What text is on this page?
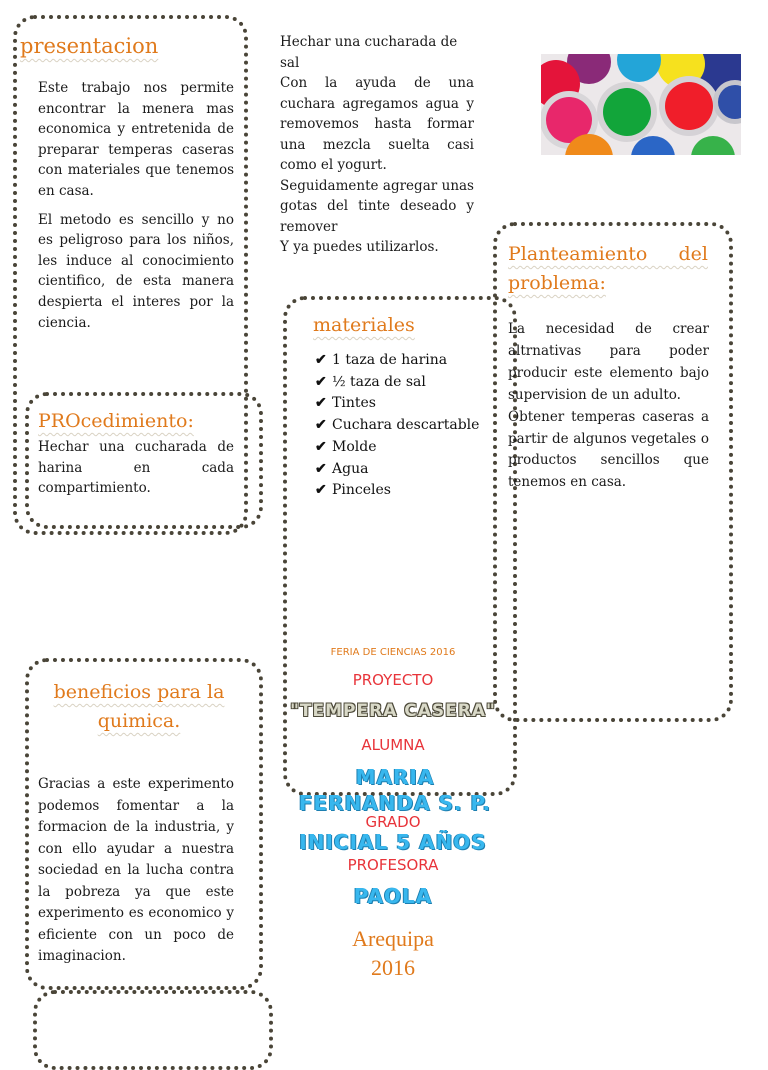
presentacion

Este trabajo nos permite encontrar la menera mas economica y entretenida de preparar temperas caseras con materiales que tenemos en casa.

El metodo es sencillo y no es peligroso para los niños, les induce al conocimiento cientifico, de esta manera despierta el interes por la ciencia.

PROcedimiento:
Hechar una cucharada de harina en cada compartimiento.
beneficios para la quimica.
Gracias a este experimento podemos fomentar a la formacion de la industria, y con ello ayudar a nuestra sociedad en la lucha contra la pobreza ya que este experimento es economico y eficiente con un poco de imaginacion.

Hechar una cucharada de sal

Con la ayuda de una cuchara agregamos agua y removemos hasta formar una mezcla suelta casi como el yogurt.

Seguidamente agregar unas gotas del tinte deseado y remover

Y ya puedes utilizarlos.

materiales
✔ 1 taza de harina
✔ ½ taza de sal
✔ Tintes
✔ Cuchara descartable
✔ Molde
✔ Agua
✔ Pinceles
Planteamiento del problema:

La necesidad de crear altrnativas para poder producir este elemento bajo supervision de un adulto.

Obtener temperas caseras a partir de algunos vegetales o productos sencillos que tenemos en casa.

FERIA DE CIENCIAS 2016
PROYECTO
"TEMPERA CASERA"
ALUMNA
MARIA FERNANDA S. P.
GRADO
INICIAL 5 AÑOS
PROFESORA
PAOLA
Arequipa
2016
